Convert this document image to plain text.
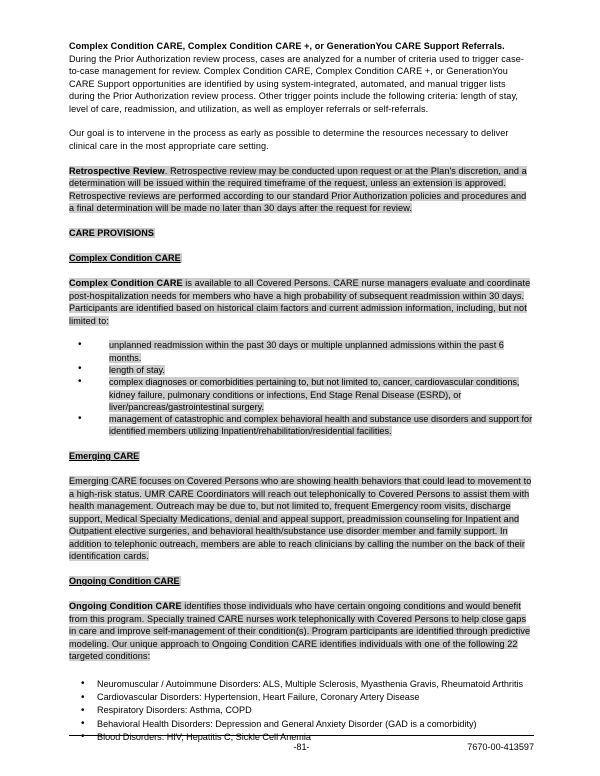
Complex Condition CARE, Complex Condition CARE +, or GenerationYou CARE Support Referrals. During the Prior Authorization review process, cases are analyzed for a number of criteria used to trigger case-to-case management for review. Complex Condition CARE, Complex Condition CARE +, or GenerationYou CARE Support opportunities are identified by using system-integrated, automated, and manual trigger lists during the Prior Authorization review process. Other trigger points include the following criteria: length of stay, level of care, readmission, and utilization, as well as employer referrals or self-referrals.

Our goal is to intervene in the process as early as possible to determine the resources necessary to deliver clinical care in the most appropriate care setting.

Retrospective Review. Retrospective review may be conducted upon request or at the Plan's discretion, and a determination will be issued within the required timeframe of the request, unless an extension is approved. Retrospective reviews are performed according to our standard Prior Authorization policies and procedures and a final determination will be made no later than 30 days after the request for review.

CARE PROVISIONS
Complex Condition CARE

Complex Condition CARE is available to all Covered Persons. CARE nurse managers evaluate and coordinate post-hospitalization needs for members who have a high probability of subsequent readmission within 30 days. Participants are identified based on historical claim factors and current admission information, including, but not limited to:

•	unplanned readmission within the past 30 days or multiple unplanned admissions within the past 6 months.
•	length of stay.
•	complex diagnoses or comorbidities pertaining to, but not limited to, cancer, cardiovascular conditions, kidney failure, pulmonary conditions or infections, End Stage Renal Disease (ESRD), or liver/pancreas/gastrointestinal surgery.
•	management of catastrophic and complex behavioral health and substance use disorders and support for identified members utilizing Inpatient/rehabilitation/residential facilities.
Emerging CARE

Emerging CARE focuses on Covered Persons who are showing health behaviors that could lead to movement to a high-risk status. UMR CARE Coordinators will reach out telephonically to Covered Persons to assist them with health management. Outreach may be due to, but not limited to, frequent Emergency room visits, discharge support, Medical Specialty Medications, denial and appeal support, preadmission counseling for Inpatient and Outpatient elective surgeries, and behavioral health/substance use disorder member and family support. In addition to telephonic outreach, members are able to reach clinicians by calling the number on the back of their identification cards.

Ongoing Condition CARE

Ongoing Condition CARE identifies those individuals who have certain ongoing conditions and would benefit from this program. Specially trained CARE nurses work telephonically with Covered Persons to help close gaps in care and improve self-management of their condition(s). Program participants are identified through predictive modeling. Our unique approach to Ongoing Condition CARE identifies individuals with one of the following 22 targeted conditions:

• Neuromuscular / Autoimmune Disorders: ALS, Multiple Sclerosis, Myasthenia Gravis, Rheumatoid Arthritis
• Cardiovascular Disorders: Hypertension, Heart Failure, Coronary Artery Disease
• Respiratory Disorders: Asthma, COPD
• Behavioral Health Disorders: Depression and General Anxiety Disorder (GAD is a comorbidity)
• Blood Disorders: HIV, Hepatitis C, Sickle Cell Anemia
-81-	7670-00-413597
